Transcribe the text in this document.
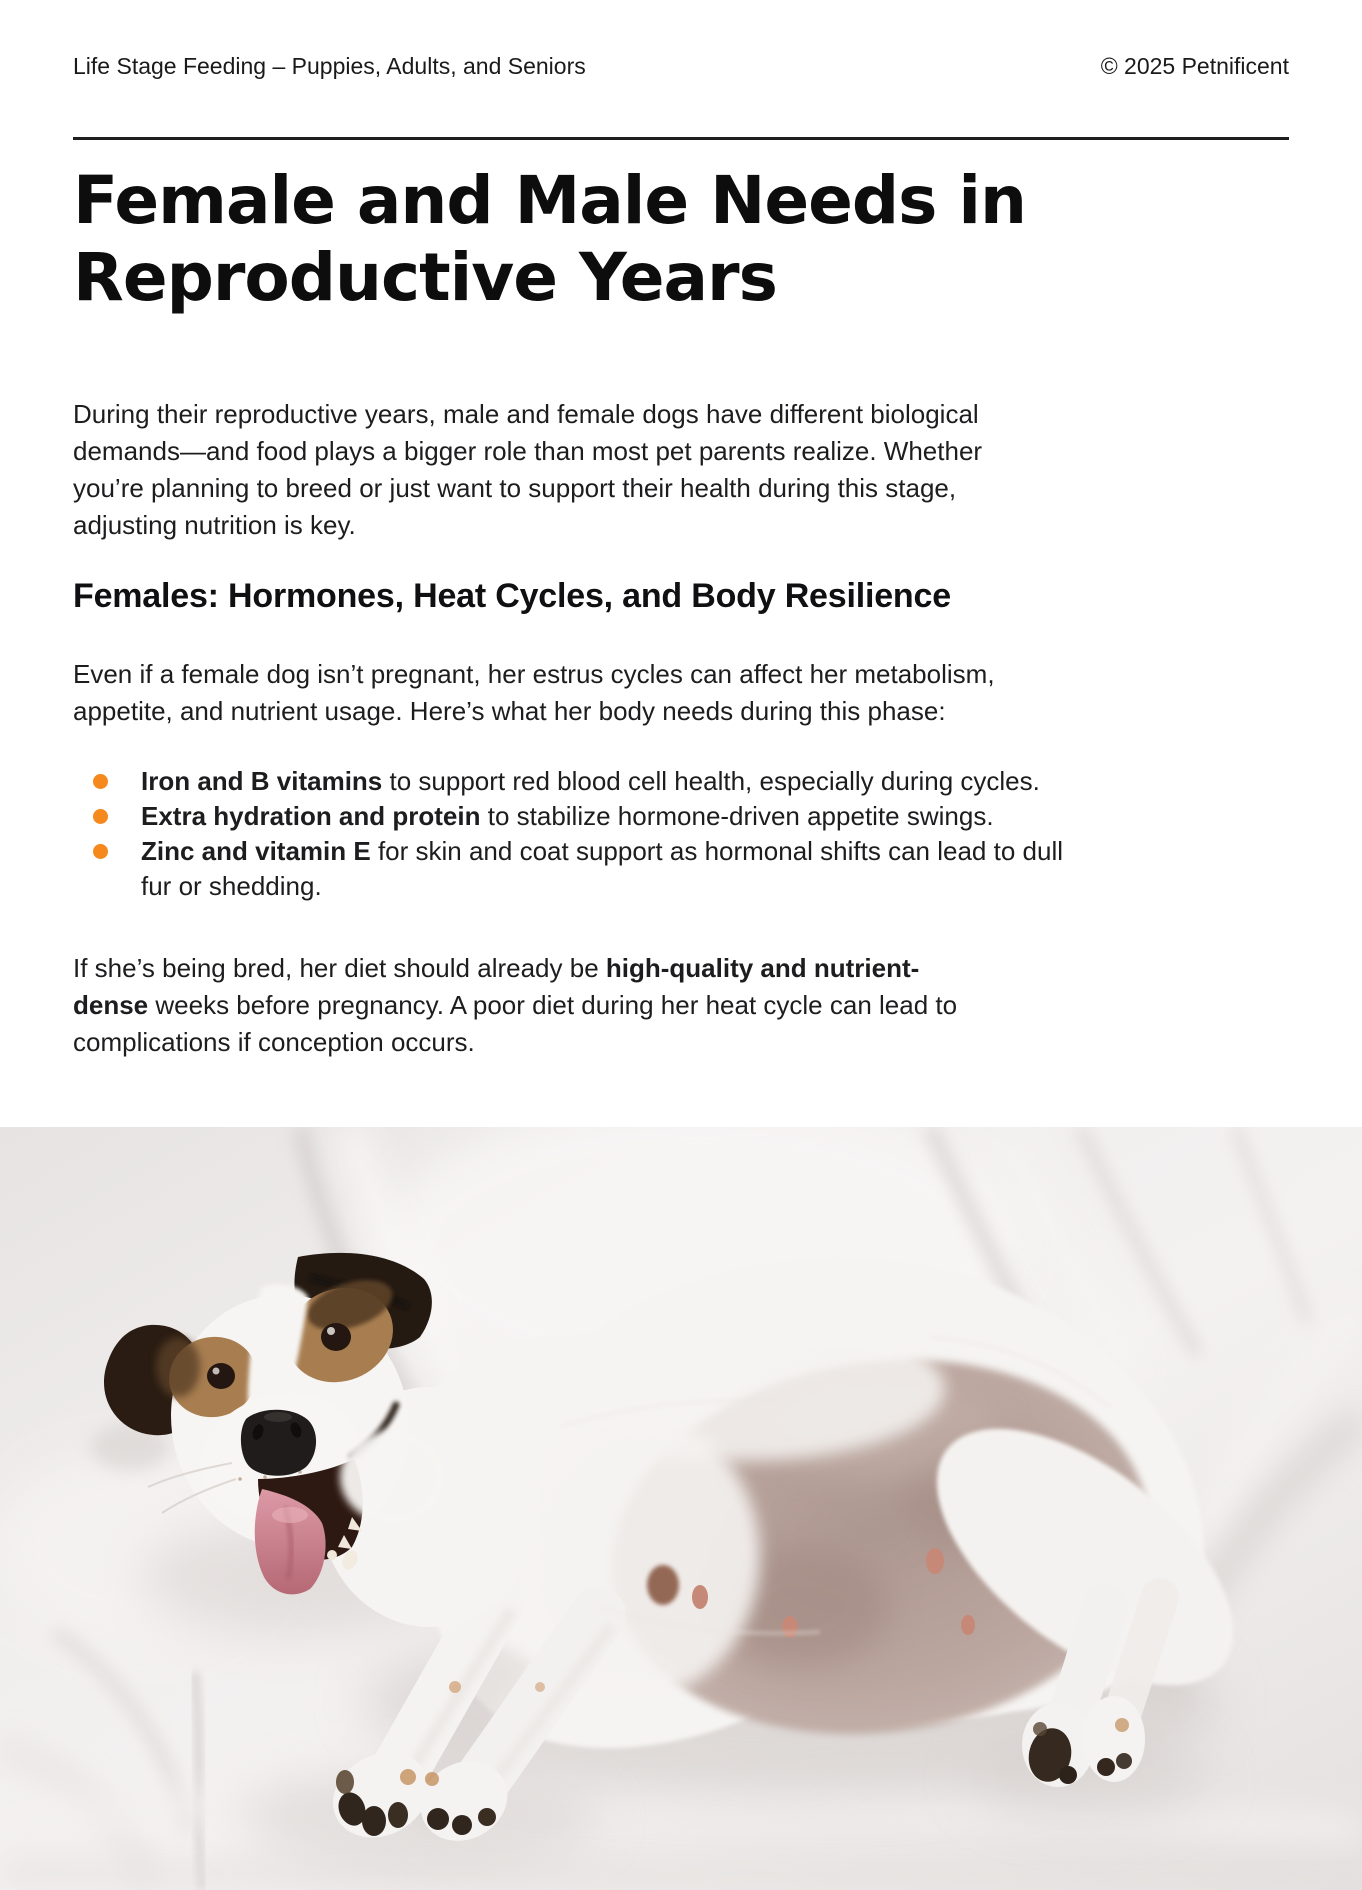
Life Stage Feeding – Puppies, Adults, and Seniors	© 2025 Petnificent
Female and Male Needs in
Reproductive Years

During their reproductive years, male and female dogs have different biological
demands—and food plays a bigger role than most pet parents realize. Whether
you’re planning to breed or just want to support their health during this stage,
adjusting nutrition is key.

Females: Hormones, Heat Cycles, and Body Resilience

Even if a female dog isn’t pregnant, her estrus cycles can affect her metabolism,
appetite, and nutrient usage. Here’s what her body needs during this phase:

Iron and B vitamins to support red blood cell health, especially during cycles.
Extra hydration and protein to stabilize hormone-driven appetite swings.
Zinc and vitamin E for skin and coat support as hormonal shifts can lead to dull
fur or shedding.

If she’s being bred, her diet should already be high-quality and nutrient-
dense weeks before pregnancy. A poor diet during her heat cycle can lead to
complications if conception occurs.
